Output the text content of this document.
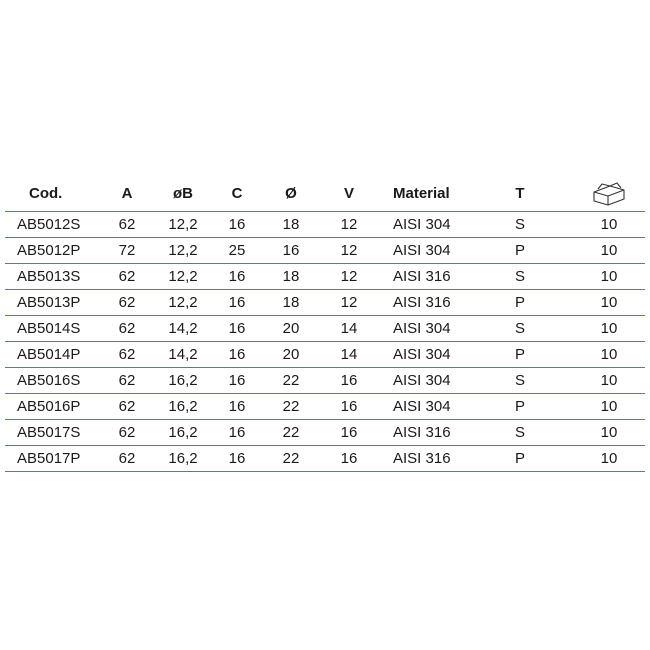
Cod.	A	øB	C	Ø	V	Material	T
AB5012S	62	12,2	16	18	12	AISI 304	S	10
AB5012P	72	12,2	25	16	12	AISI 304	P	10
AB5013S	62	12,2	16	18	12	AISI 316	S	10
AB5013P	62	12,2	16	18	12	AISI 316	P	10
AB5014S	62	14,2	16	20	14	AISI 304	S	10
AB5014P	62	14,2	16	20	14	AISI 304	P	10
AB5016S	62	16,2	16	22	16	AISI 304	S	10
AB5016P	62	16,2	16	22	16	AISI 304	P	10
AB5017S	62	16,2	16	22	16	AISI 316	S	10
AB5017P	62	16,2	16	22	16	AISI 316	P	10
